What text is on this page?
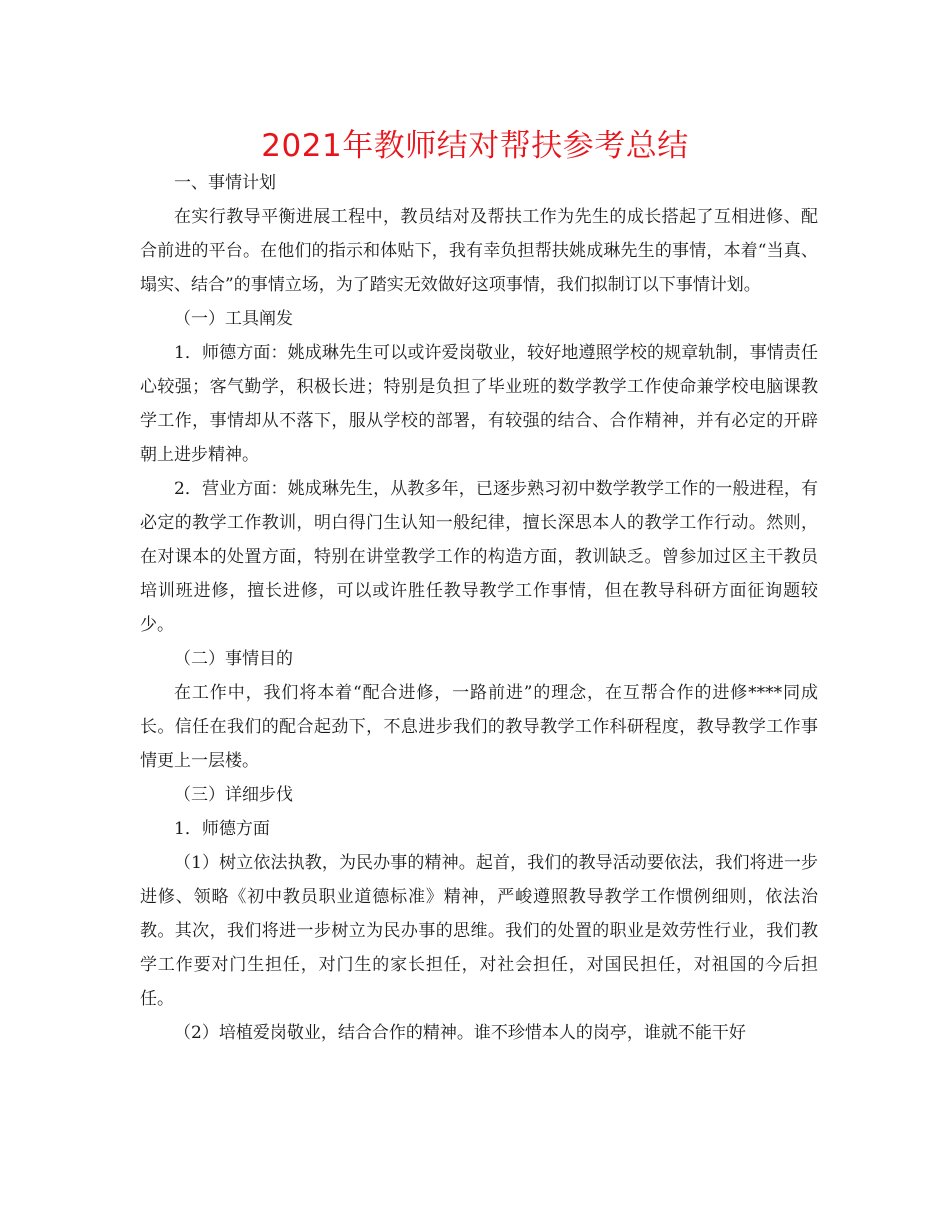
2021年教师结对帮扶参考总结

一、事情计划

在实行教导平衡进展工程中，教员结对及帮扶工作为先生的成长搭起了互相进修、配合前进的平台。在他们的指示和体贴下，我有幸负担帮扶姚成琳先生的事情，本着“当真、塌实、结合”的事情立场，为了踏实无效做好这项事情，我们拟制订以下事情计划。

（一）工具阐发

1．师德方面：姚成琳先生可以或许爱岗敬业，较好地遵照学校的规章轨制，事情责任心较强；客气勤学，积极长进；特别是负担了毕业班的数学教学工作使命兼学校电脑课教学工作，事情却从不落下，服从学校的部署，有较强的结合、合作精神，并有必定的开辟朝上进步精神。

2．营业方面：姚成琳先生，从教多年，已逐步熟习初中数学教学工作的一般进程，有必定的教学工作教训，明白得门生认知一般纪律，擅长深思本人的教学工作行动。然则，在对课本的处置方面，特别在讲堂教学工作的构造方面，教训缺乏。曾参加过区主干教员培训班进修，擅长进修，可以或许胜任教导教学工作事情，但在教导科研方面征询题较少。

（二）事情目的

在工作中，我们将本着“配合进修，一路前进”的理念，在互帮合作的进修****同成长。信任在我们的配合起劲下，不息进步我们的教导教学工作科研程度，教导教学工作事情更上一层楼。

（三）详细步伐

1．师德方面

（1）树立依法执教，为民办事的精神。起首，我们的教导活动要依法，我们将进一步进修、领略《初中教员职业道德标准》精神，严峻遵照教导教学工作惯例细则，依法治教。其次，我们将进一步树立为民办事的思维。我们的处置的职业是效劳性行业，我们教学工作要对门生担任，对门生的家长担任，对社会担任，对国民担任，对祖国的今后担任。

（2）培植爱岗敬业，结合合作的精神。谁不珍惜本人的岗亭，谁就不能干好
